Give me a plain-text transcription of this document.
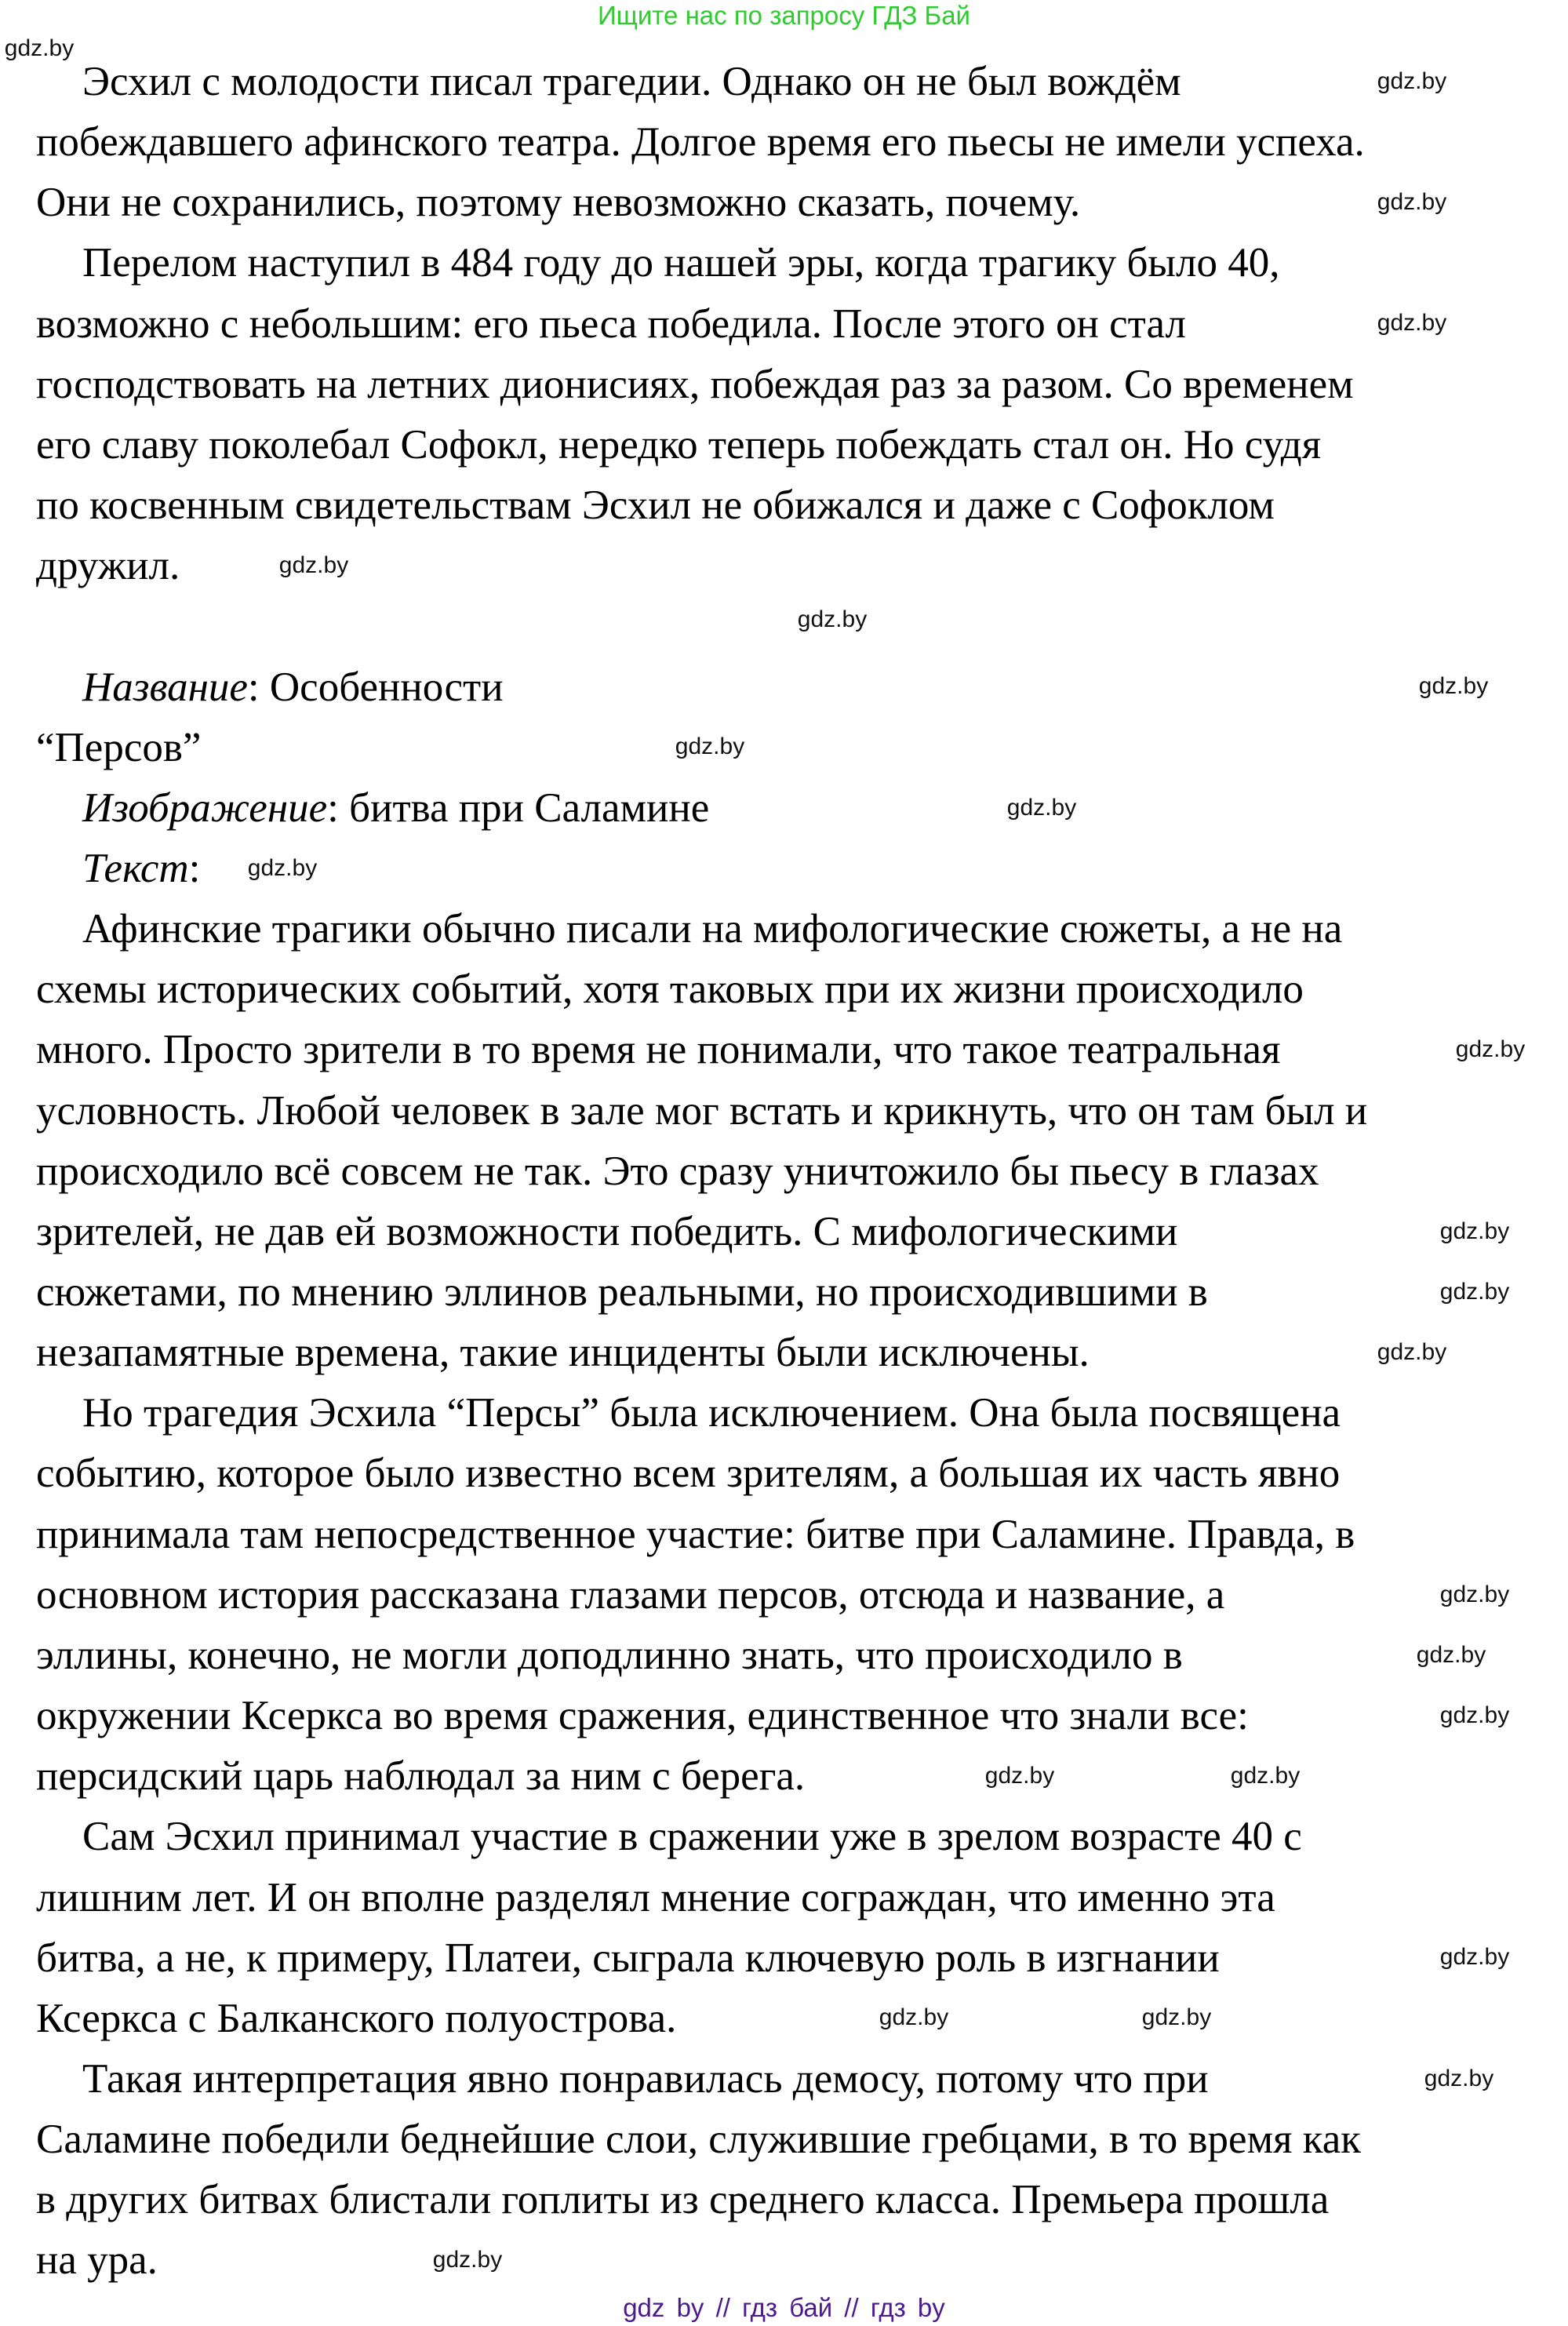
Ищите нас по запросу ГДЗ Бай
Эсхил с молодости писал трагедии. Однако он не был вождём
побеждавшего афинского театра. Долгое время его пьесы не имели успеха.
Они не сохранились, поэтому невозможно сказать, почему.
Перелом наступил в 484 году до нашей эры, когда трагику было 40,
возможно с небольшим: его пьеса победила. После этого он стал
господствовать на летних дионисиях, побеждая раз за разом. Со временем
его славу поколебал Софокл, нередко теперь побеждать стал он. Но судя
по косвенным свидетельствам Эсхил не обижался и даже с Софоклом
дружил.
Название: Особенности
“Персов”
Изображение: битва при Саламине
Текст:
Афинские трагики обычно писали на мифологические сюжеты, а не на
схемы исторических событий, хотя таковых при их жизни происходило
много. Просто зрители в то время не понимали, что такое театральная
условность. Любой человек в зале мог встать и крикнуть, что он там был и
происходило всё совсем не так. Это сразу уничтожило бы пьесу в глазах
зрителей, не дав ей возможности победить. С мифологическими
сюжетами, по мнению эллинов реальными, но происходившими в
незапамятные времена, такие инциденты были исключены.
Но трагедия Эсхила “Персы” была исключением. Она была посвящена
событию, которое было известно всем зрителям, а большая их часть явно
принимала там непосредственное участие: битве при Саламине. Правда, в
основном история рассказана глазами персов, отсюда и название, а
эллины, конечно, не могли доподлинно знать, что происходило в
окружении Ксеркса во время сражения, единственное что знали все:
персидский царь наблюдал за ним с берега.
Сам Эсхил принимал участие в сражении уже в зрелом возрасте 40 с
лишним лет. И он вполне разделял мнение сограждан, что именно эта
битва, а не, к примеру, Платеи, сыграла ключевую роль в изгнании
Ксеркса с Балканского полуострова.
Такая интерпретация явно понравилась демосу, потому что при
Саламине победили беднейшие слои, служившие гребцами, в то время как
в других битвах блистали гоплиты из среднего класса. Премьера прошла
на ура.
gdz.by
gdz.by
gdz.by
gdz.by
gdz.by
gdz.by
gdz.by
gdz.by
gdz.by
gdz.by
gdz.by
gdz.by
gdz.by
gdz.by
gdz.by
gdz.by
gdz.by
gdz.by
gdz.by
gdz.by
gdz.by	gdz.by
gdz.by
gdz.by
gdz by // гдз бай // гдз by
